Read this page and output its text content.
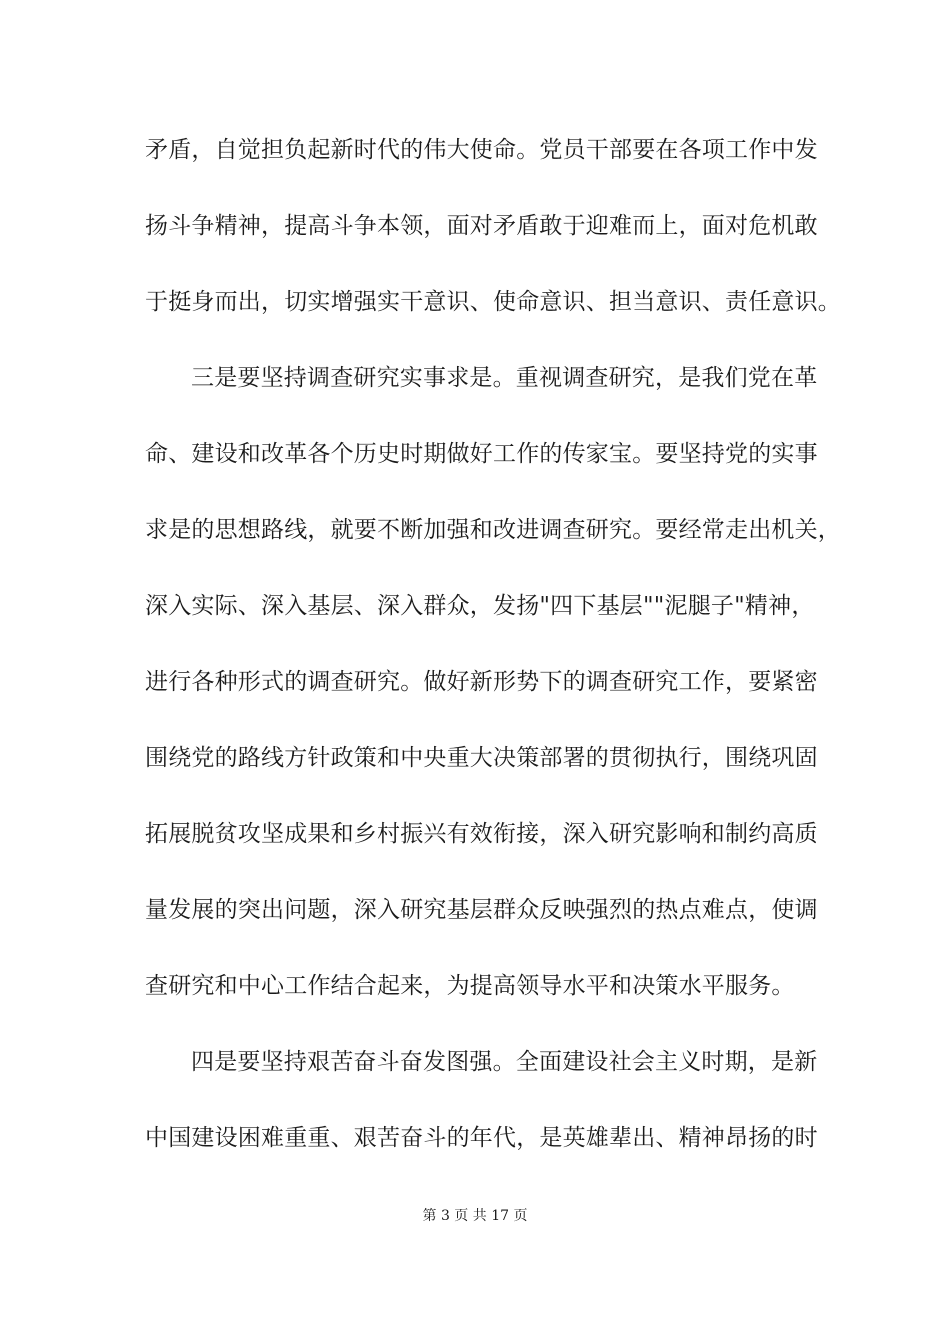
矛盾，自觉担负起新时代的伟大使命。党员干部要在各项工作中发
扬斗争精神，提高斗争本领，面对矛盾敢于迎难而上，面对危机敢
于挺身而出，切实增强实干意识、使命意识、担当意识、责任意识。
三是要坚持调查研究实事求是。重视调查研究，是我们党在革
命、建设和改革各个历史时期做好工作的传家宝。要坚持党的实事
求是的思想路线，就要不断加强和改进调查研究。要经常走出机关，
深入实际、深入基层、深入群众，发扬"四下基层""泥腿子"精神，
进行各种形式的调查研究。做好新形势下的调查研究工作，要紧密
围绕党的路线方针政策和中央重大决策部署的贯彻执行，围绕巩固
拓展脱贫攻坚成果和乡村振兴有效衔接，深入研究影响和制约高质
量发展的突出问题，深入研究基层群众反映强烈的热点难点，使调
查研究和中心工作结合起来，为提高领导水平和决策水平服务。
四是要坚持艰苦奋斗奋发图强。全面建设社会主义时期，是新
中国建设困难重重、艰苦奋斗的年代，是英雄辈出、精神昂扬的时
第 3 页 共 17 页
